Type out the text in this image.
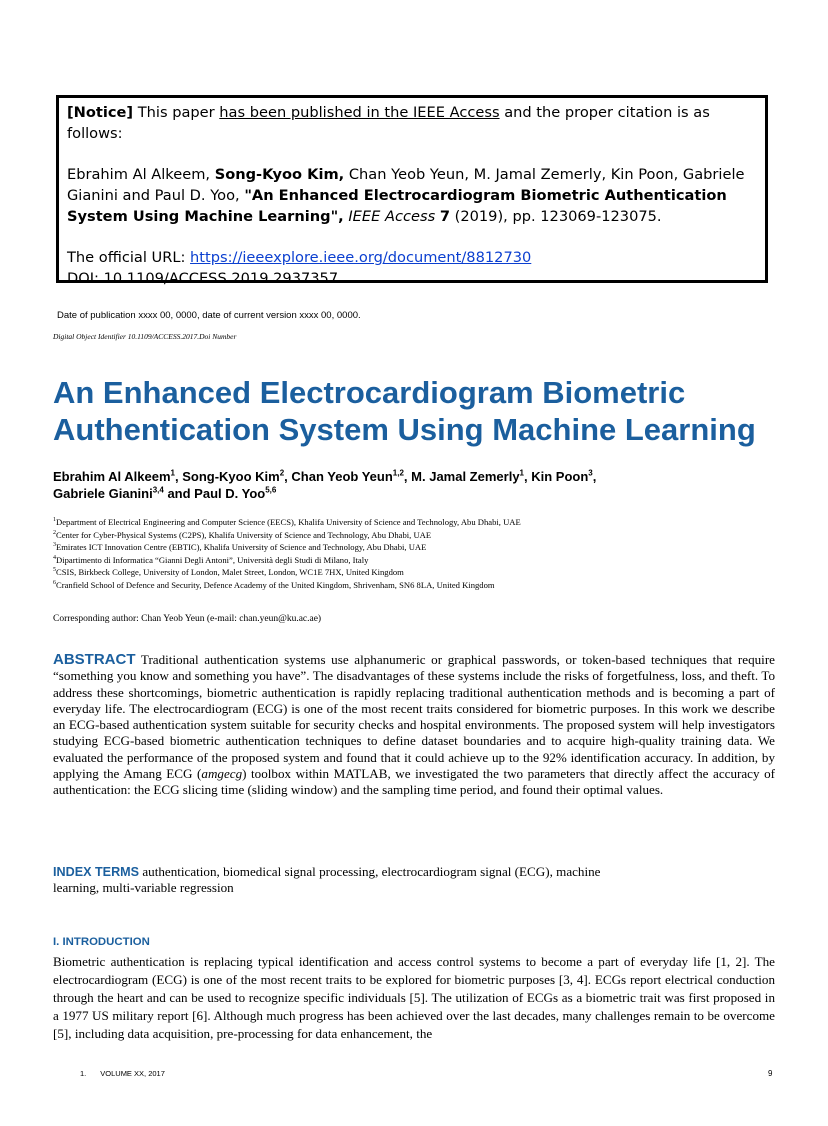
[Notice] This paper has been published in the IEEE Access and the proper citation is as follows:

Ebrahim Al Alkeem, Song-Kyoo Kim, Chan Yeob Yeun, M. Jamal Zemerly, Kin Poon, Gabriele Gianini and Paul D. Yoo, "An Enhanced Electrocardiogram Biometric Authentication System Using Machine Learning", IEEE Access 7 (2019), pp. 123069-123075.

The official URL: https://ieeexplore.ieee.org/document/8812730

DOI: 10.1109/ACCESS.2019.2937357

Date of publication xxxx 00, 0000, date of current version xxxx 00, 0000.
Digital Object Identifier 10.1109/ACCESS.2017.Doi Number
An Enhanced Electrocardiogram Biometric
Authentication System Using Machine Learning

Ebrahim Al Alkeem$^1$, Song-Kyoo Kim$^2$, Chan Yeob Yeun$^{1,2}$, M. Jamal Zemerly$^1$, Kin Poon$^3$,
Gabriele Gianini$^{3,4}$ and Paul D. Yoo$^{5,6}$

$^1$Department of Electrical Engineering and Computer Science (EECS), Khalifa University of Science and Technology, Abu Dhabi, UAE
$^2$Center for Cyber-Physical Systems (C2PS), Khalifa University of Science and Technology, Abu Dhabi, UAE
$^3$Emirates ICT Innovation Centre (EBTIC), Khalifa University of Science and Technology, Abu Dhabi, UAE
$^4$Dipartimento di Informatica “Gianni Degli Antoni”, Università degli Studi di Milano, Italy
$^5$CSIS, Birkbeck College, University of London, Malet Street, London, WC1E 7HX, United Kingdom
$^6$Cranfield School of Defence and Security, Defence Academy of the United Kingdom, Shrivenham, SN6 8LA, United Kingdom
Corresponding author: Chan Yeob Yeun (e-mail: chan.yeun@ku.ac.ae)

ABSTRACT Traditional authentication systems use alphanumeric or graphical passwords, or token-based techniques that require “something you know and something you have”. The disadvantages of these systems include the risks of forgetfulness, loss, and theft. To address these shortcomings, biometric authentication is rapidly replacing traditional authentication methods and is becoming a part of everyday life. The electrocardiogram (ECG) is one of the most recent traits considered for biometric purposes. In this work we describe an ECG-based authentication system suitable for security checks and hospital environments. The proposed system will help investigators studying ECG-based biometric authentication techniques to define dataset boundaries and to acquire high-quality training data. We evaluated the performance of the proposed system and found that it could achieve up to the 92% identification accuracy. In addition, by applying the Amang ECG (amgecg) toolbox within MATLAB, we investigated the two parameters that directly affect the accuracy of authentication: the ECG slicing time (sliding window) and the sampling time period, and found their optimal values.

INDEX TERMS authentication, biomedical signal processing, electrocardiogram signal (ECG), machine
learning, multi-variable regression

I. INTRODUCTION

Biometric authentication is replacing typical identification and access control systems to become a part of everyday life [1, 2]. The electrocardiogram (ECG) is one of the most recent traits to be explored for biometric purposes [3, 4]. ECGs report electrical conduction through the heart and can be used to recognize specific individuals [5]. The utilization of ECGs as a biometric trait was first proposed in a 1977 US military report [6]. Although much progress has been achieved over the last decades, many challenges remain to be overcome [5], including data acquisition, pre-processing for data enhancement, the

1. VOLUME XX, 2017	9
